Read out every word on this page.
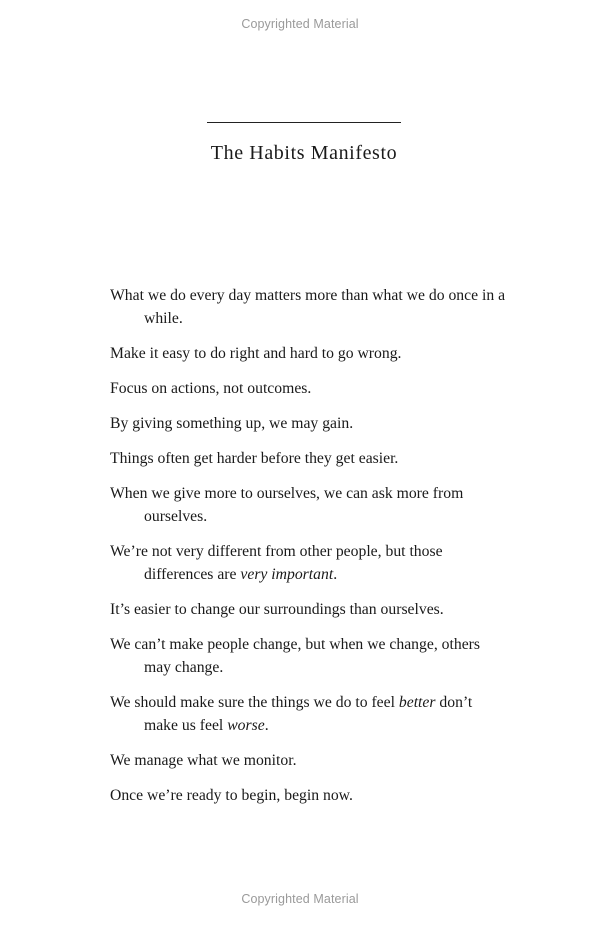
Copyrighted Material
The Habits Manifesto
What we do every day matters more than what we do once in a while.
Make it easy to do right and hard to go wrong.
Focus on actions, not outcomes.
By giving something up, we may gain.
Things often get harder before they get easier.
When we give more to ourselves, we can ask more from ourselves.
We’re not very different from other people, but those differences are very important.
It’s easier to change our surroundings than ourselves.
We can’t make people change, but when we change, others may change.
We should make sure the things we do to feel better don’t make us feel worse.
We manage what we monitor.
Once we’re ready to begin, begin now.
Copyrighted Material
